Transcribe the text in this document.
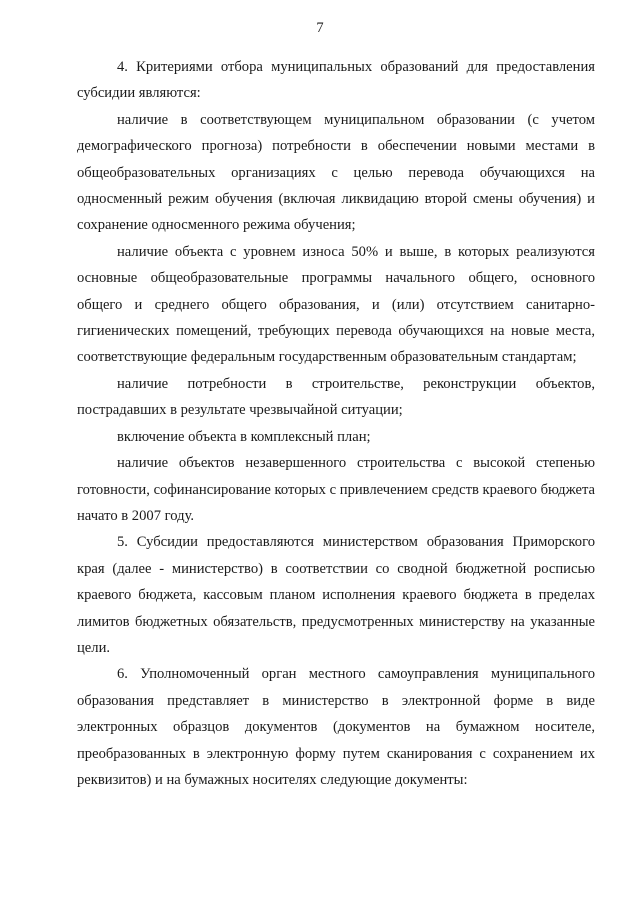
7

4. Критериями отбора муниципальных образований для предоставления субсидии являются:

наличие в соответствующем муниципальном образовании (с учетом демографического прогноза) потребности в обеспечении новыми местами в общеобразовательных организациях с целью перевода обучающихся на односменный режим обучения (включая ликвидацию второй смены обучения) и сохранение односменного режима обучения;

наличие объекта с уровнем износа 50% и выше, в которых реализуются основные общеобразовательные программы начального общего, основного общего и среднего общего образования, и (или) отсутствием санитарно-гигиенических помещений, требующих перевода обучающихся на новые места, соответствующие федеральным государственным образовательным стандартам;

наличие потребности в строительстве, реконструкции объектов, пострадавших в результате чрезвычайной ситуации;

включение объекта в комплексный план;

наличие объектов незавершенного строительства с высокой степенью готовности, софинансирование которых с привлечением средств краевого бюджета начато в 2007 году.

5. Субсидии предоставляются министерством образования Приморского края (далее - министерство) в соответствии со сводной бюджетной росписью краевого бюджета, кассовым планом исполнения краевого бюджета в пределах лимитов бюджетных обязательств, предусмотренных министерству на указанные цели.

6. Уполномоченный орган местного самоуправления муниципального образования представляет в министерство в электронной форме в виде электронных образцов документов (документов на бумажном носителе, преобразованных в электронную форму путем сканирования с сохранением их реквизитов) и на бумажных носителях следующие документы:
